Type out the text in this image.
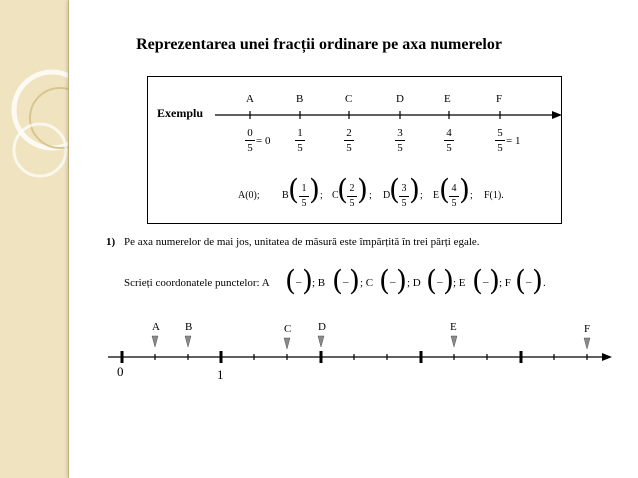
Reprezentarea unei fracții ordinare pe axa numerelor
Exemplu
A	B	C	D	E	F
0
5
= 0
1
5
2
5
3
5
4
5
5
5
= 1
A(0); B ( 1
5 ) ; C
( 2
5 ) ; D
( 3
5 ) ; E ( 4
5 ) ; F(1).
1) Pe axa numerelor de mai jos, unitatea de măsură este împărțită în trei părți egale.
Scrieți coordonatele punctelor: A ( – ) ; B ( – ) ; C ( – ) ; D ( – ) ; E ( – ) ; F ( – ) .
A B	C D	E	F
0	1
